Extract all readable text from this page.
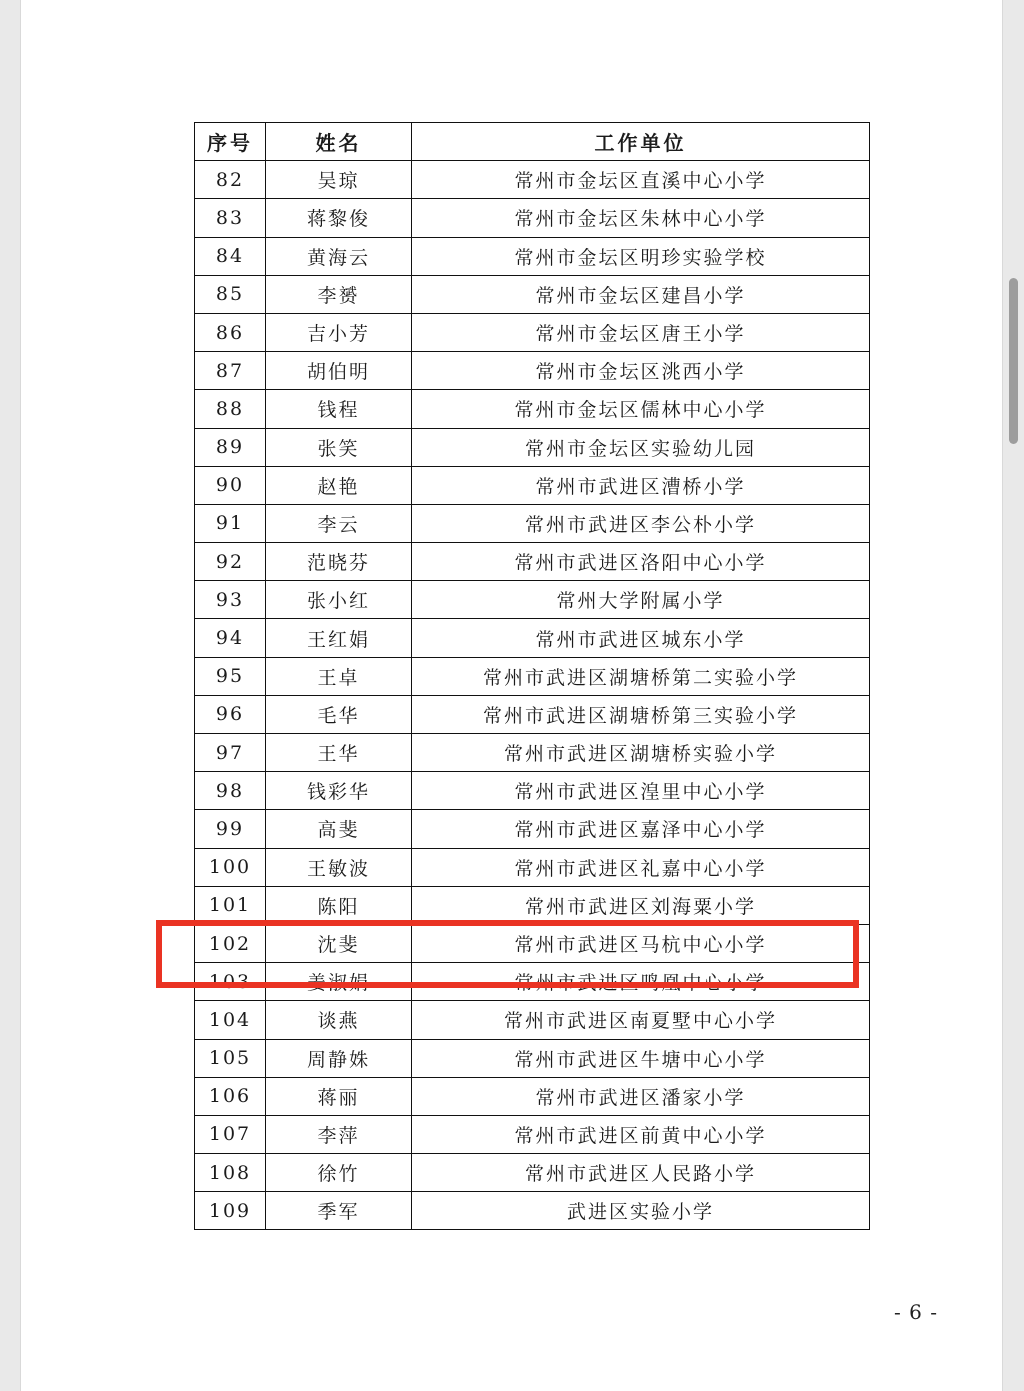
序号	姓名	工作单位
82	吴琼	常州市金坛区直溪中心小学
83	蒋黎俊	常州市金坛区朱林中心小学
84	黄海云	常州市金坛区明珍实验学校
85	李赟	常州市金坛区建昌小学
86	吉小芳	常州市金坛区唐王小学
87	胡伯明	常州市金坛区洮西小学
88	钱程	常州市金坛区儒林中心小学
89	张笑	常州市金坛区实验幼儿园
90	赵艳	常州市武进区漕桥小学
91	李云	常州市武进区李公朴小学
92	范晓芬	常州市武进区洛阳中心小学
93	张小红	常州大学附属小学
94	王红娟	常州市武进区城东小学
95	王卓	常州市武进区湖塘桥第二实验小学
96	毛华	常州市武进区湖塘桥第三实验小学
97	王华	常州市武进区湖塘桥实验小学
98	钱彩华	常州市武进区湟里中心小学
99	高斐	常州市武进区嘉泽中心小学
100	王敏波	常州市武进区礼嘉中心小学
101	陈阳	常州市武进区刘海粟小学
102	沈斐	常州市武进区马杭中心小学
103	姜淑娟	常州市武进区鸣凰中心小学
104	谈燕	常州市武进区南夏墅中心小学
105	周静姝	常州市武进区牛塘中心小学
106	蒋丽	常州市武进区潘家小学
107	李萍	常州市武进区前黄中心小学
108	徐竹	常州市武进区人民路小学
109	季军	武进区实验小学
- 6 -
